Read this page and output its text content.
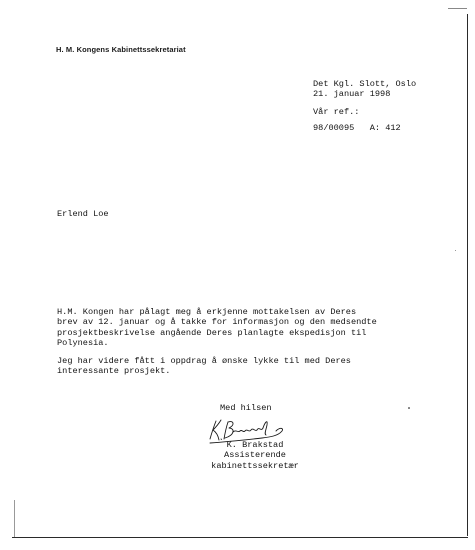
H. M. Kongens Kabinettssekretariat
Det Kgl. Slott, Oslo
21. januar 1998
Vår ref.:
98/00095 A: 412
Erlend Loe
H.M. Kongen har pålagt meg å erkjenne mottakelsen av Deres
brev av 12. januar og å takke for informasjon og den medsendte
prosjektbeskrivelse angående Deres planlagte ekspedisjon til
Polynesia.
Jeg har videre fått i oppdrag å ønske lykke til med Deres
interessante prosjekt.
Med hilsen
K. Brakstad
Assisterende
kabinettssekretær
